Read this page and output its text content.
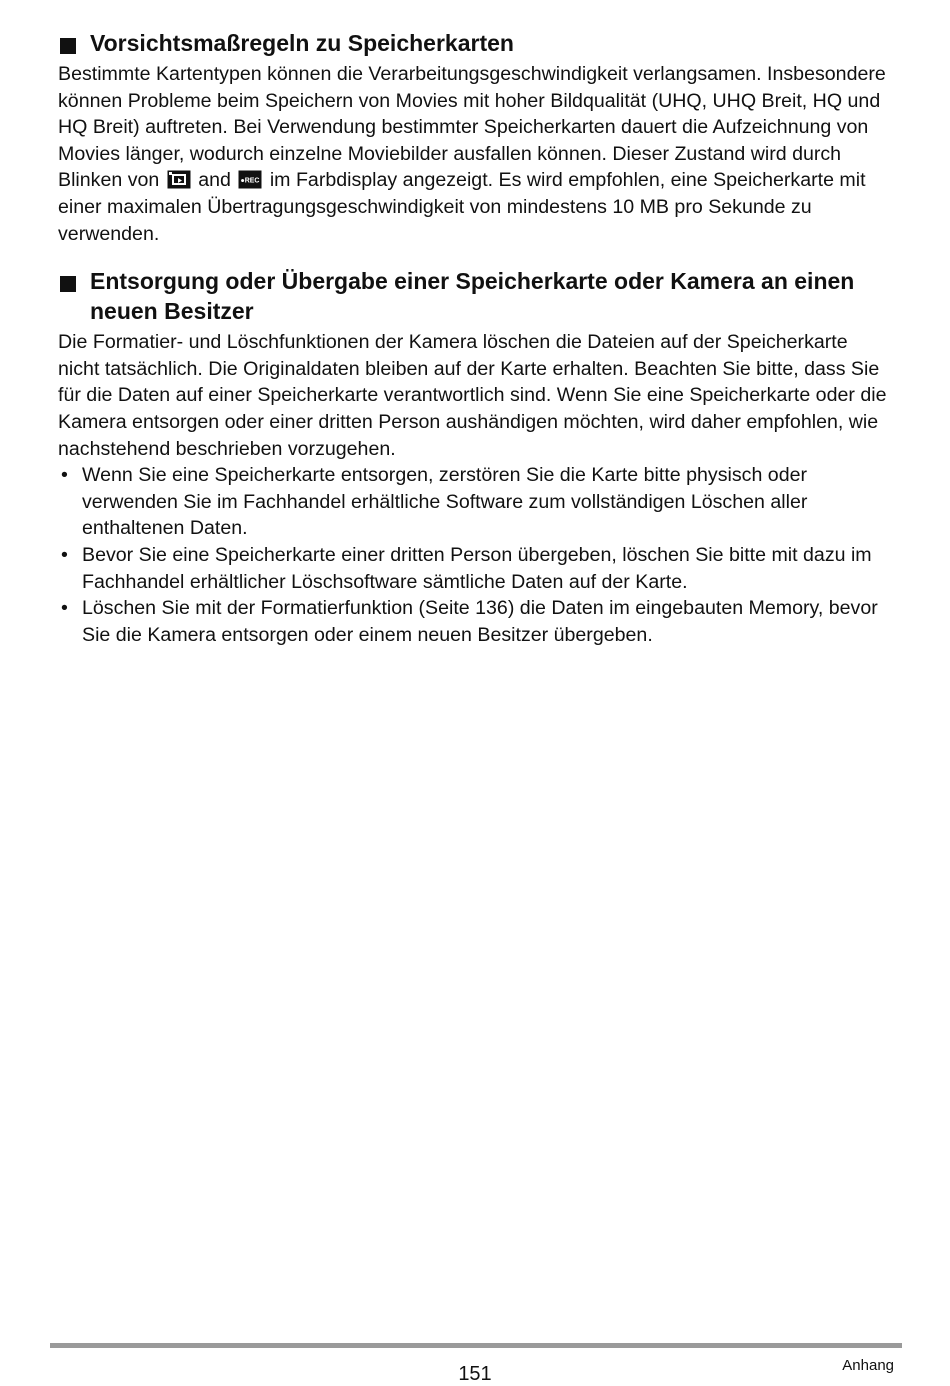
Vorsichtsmaßregeln zu Speicherkarten

Bestimmte Kartentypen können die Verarbeitungsgeschwindigkeit verlangsamen. Insbesondere können Probleme beim Speichern von Movies mit hoher Bildqualität (UHQ, UHQ Breit, HQ und HQ Breit) auftreten. Bei Verwendung bestimmter Speicherkarten dauert die Aufzeichnung von Movies länger, wodurch einzelne Moviebilder ausfallen können. Dieser Zustand wird durch Blinken von and ●REC im Farbdisplay angezeigt. Es wird empfohlen, eine Speicherkarte mit einer maximalen Übertragungsgeschwindigkeit von mindestens 10 MB pro Sekunde zu verwenden.

Entsorgung oder Übergabe einer Speicherkarte oder Kamera an einen neuen Besitzer

Die Formatier- und Löschfunktionen der Kamera löschen die Dateien auf der Speicherkarte nicht tatsächlich. Die Originaldaten bleiben auf der Karte erhalten. Beachten Sie bitte, dass Sie für die Daten auf einer Speicherkarte verantwortlich sind. Wenn Sie eine Speicherkarte oder die Kamera entsorgen oder einer dritten Person aushändigen möchten, wird daher empfohlen, wie nachstehend beschrieben vorzugehen.

• Wenn Sie eine Speicherkarte entsorgen, zerstören Sie die Karte bitte physisch oder verwenden Sie im Fachhandel erhältliche Software zum vollständigen Löschen aller enthaltenen Daten.
• Bevor Sie eine Speicherkarte einer dritten Person übergeben, löschen Sie bitte mit dazu im Fachhandel erhältlicher Löschsoftware sämtliche Daten auf der Karte.
• Löschen Sie mit der Formatierfunktion (Seite 136) die Daten im eingebauten Memory, bevor Sie die Kamera entsorgen oder einem neuen Besitzer übergeben.
151	Anhang
